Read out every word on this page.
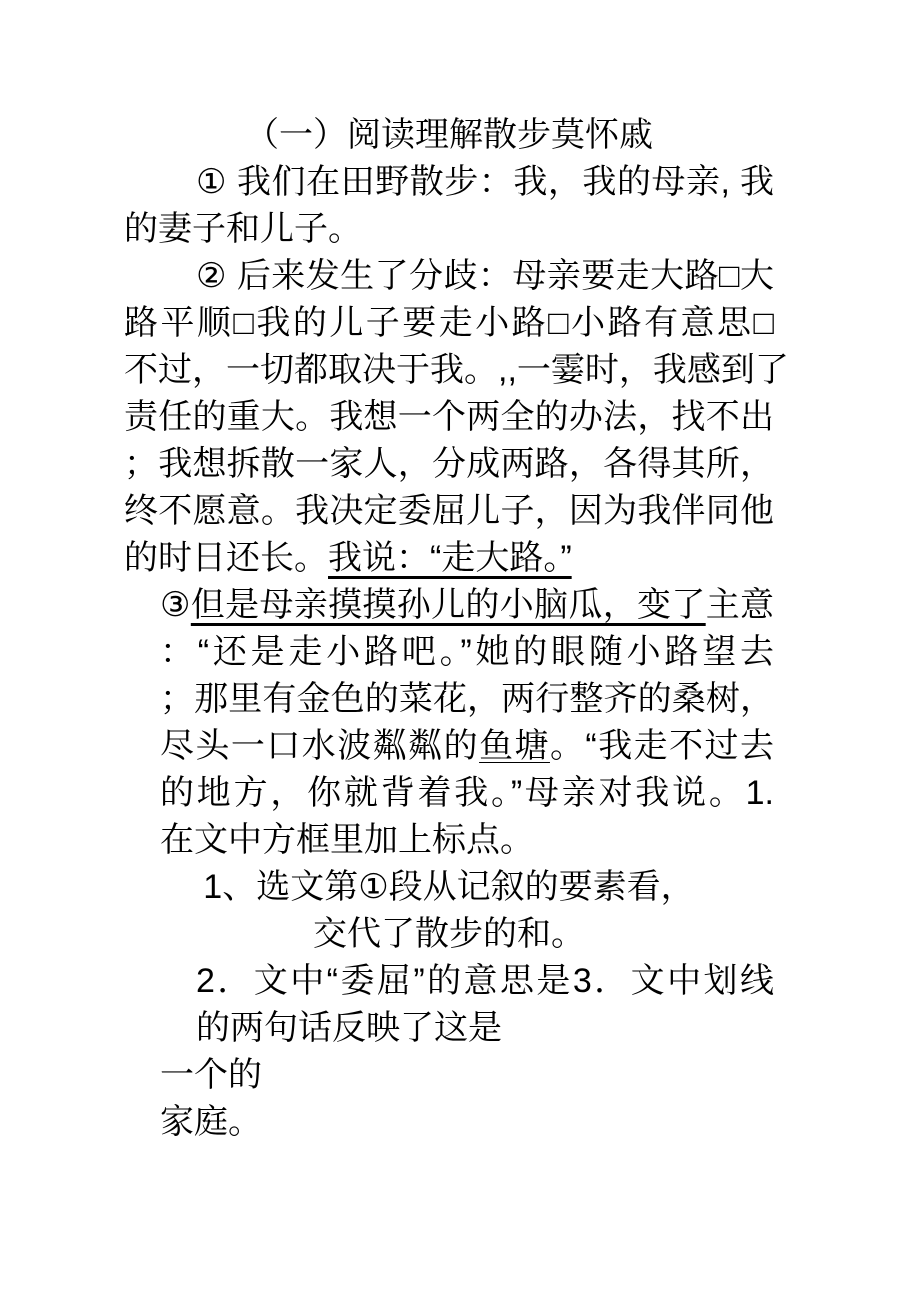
（一）阅读理解散步莫怀戚
① 我们在田野散步：我，我的母亲, 我
的妻子和儿子。
② 后来发生了分歧：母亲要走大路□大
路平顺□我的儿子要走小路□小路有意思□
不过，一切都取决于我。,,一霎时，我感到了
责任的重大。我想一个两全的办法，找不出
；我想拆散一家人，分成两路，各得其所，
终不愿意。我决定委屈儿子，因为我伴同他
的时日还长。我说：“走大路。”
③但是母亲摸摸孙儿的小脑瓜，变了主意
：“还是走小路吧。”她的眼随小路望去
；那里有金色的菜花，两行整齐的桑树，
尽头一口水波粼粼的鱼塘。“我走不过去
的地方，你就背着我。”母亲对我说。1.
在文中方框里加上标点。
1、选文第①段从记叙的要素看，
交代了散步的和。
2．文中“委屈”的意思是3．文中划线
的两句话反映了这是
一个的
家庭。
